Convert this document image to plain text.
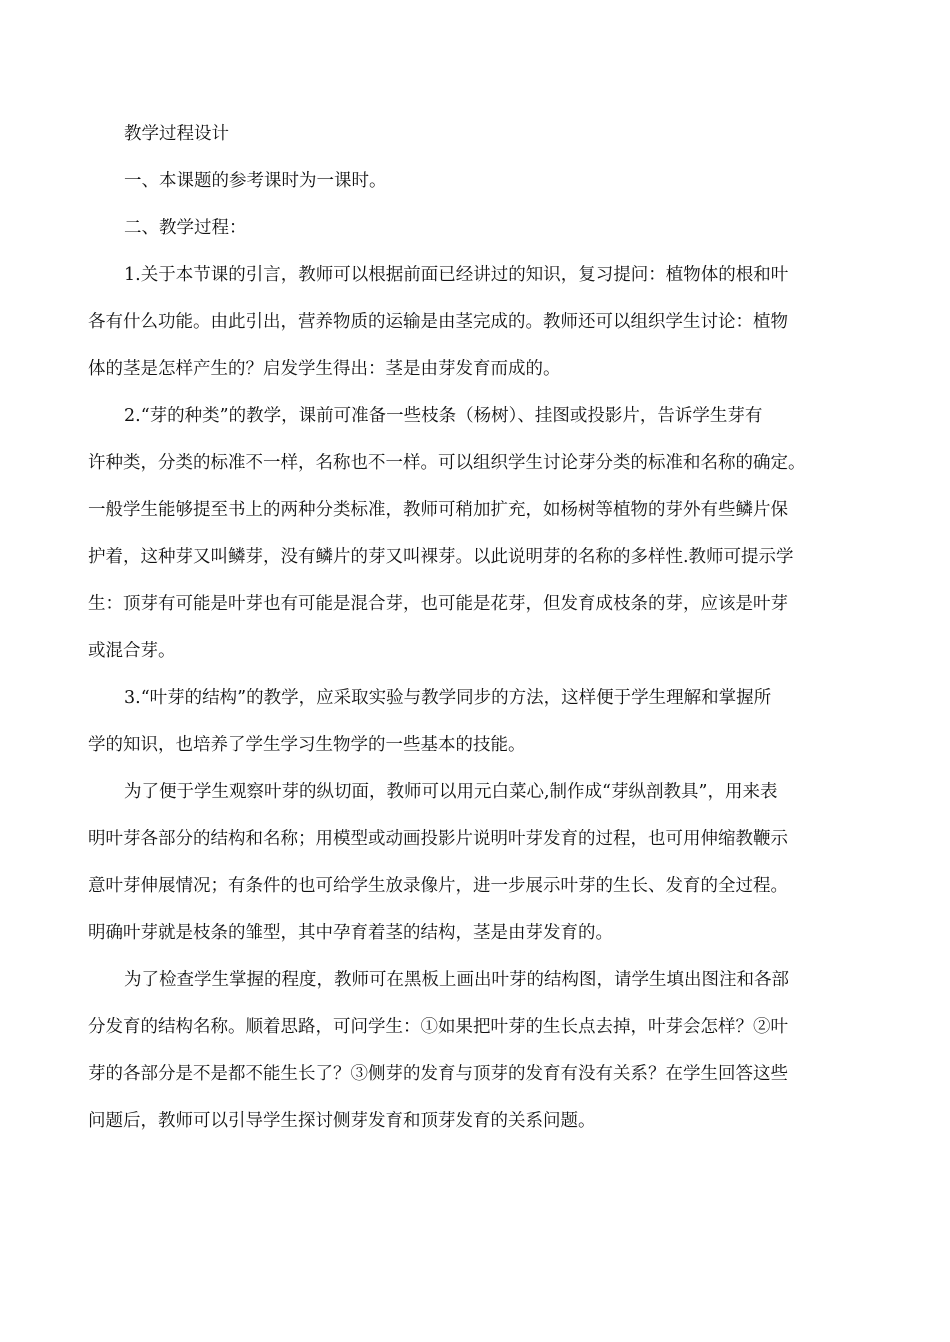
教学过程设计

一、本课题的参考课时为一课时。

二、教学过程：

1.关于本节课的引言，教师可以根据前面已经讲过的知识，复习提问：植物体的根和叶

各有什么功能。由此引出，营养物质的运输是由茎完成的。教师还可以组织学生讨论：植物

体的茎是怎样产生的？启发学生得出：茎是由芽发育而成的。

2.“芽的种类”的教学，课前可准备一些枝条（杨树）、挂图或投影片，告诉学生芽有

许种类，分类的标准不一样，名称也不一样。可以组织学生讨论芽分类的标准和名称的确定。

一般学生能够提至书上的两种分类标准，教师可稍加扩充，如杨树等植物的芽外有些鳞片保

护着，这种芽又叫鳞芽，没有鳞片的芽又叫裸芽。以此说明芽的名称的多样性.教师可提示学

生：顶芽有可能是叶芽也有可能是混合芽，也可能是花芽，但发育成枝条的芽，应该是叶芽

或混合芽。

3.“叶芽的结构”的教学，应采取实验与教学同步的方法，这样便于学生理解和掌握所

学的知识，也培养了学生学习生物学的一些基本的技能。

为了便于学生观察叶芽的纵切面，教师可以用元白菜心,制作成“芽纵剖教具”，用来表

明叶芽各部分的结构和名称；用模型或动画投影片说明叶芽发育的过程，也可用伸缩教鞭示

意叶芽伸展情况；有条件的也可给学生放录像片，进一步展示叶芽的生长、发育的全过程。

明确叶芽就是枝条的雏型，其中孕育着茎的结构，茎是由芽发育的。

为了检查学生掌握的程度，教师可在黑板上画出叶芽的结构图，请学生填出图注和各部

分发育的结构名称。顺着思路，可问学生：①如果把叶芽的生长点去掉，叶芽会怎样？②叶

芽的各部分是不是都不能生长了？③侧芽的发育与顶芽的发育有没有关系？在学生回答这些

问题后，教师可以引导学生探讨侧芽发育和顶芽发育的关系问题。
